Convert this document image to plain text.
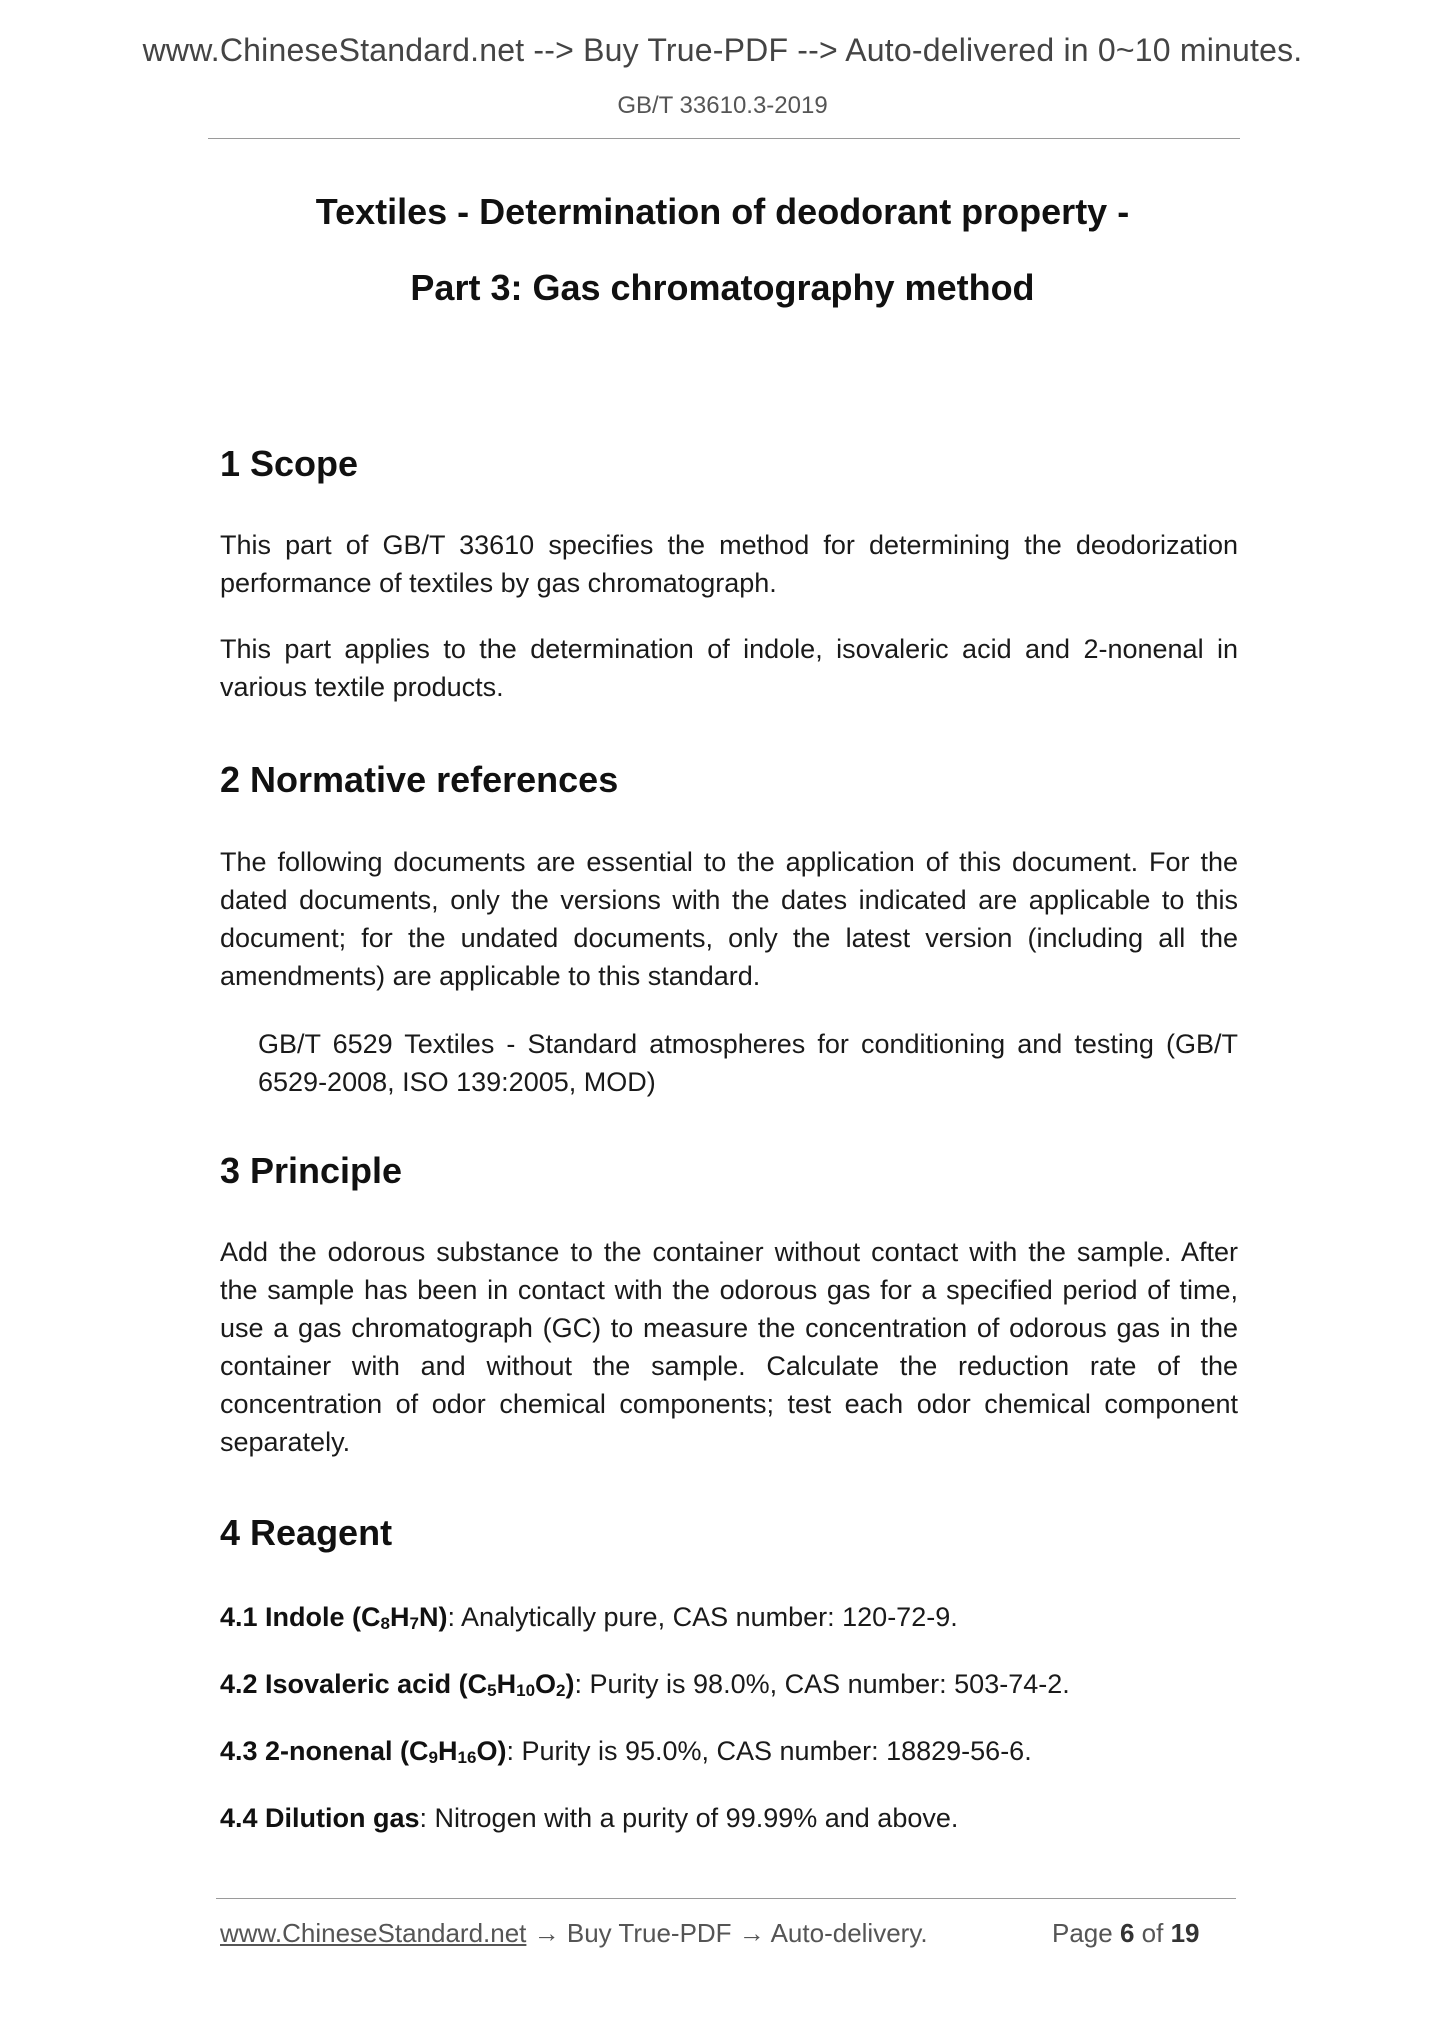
www.ChineseStandard.net --> Buy True-PDF --> Auto-delivered in 0~10 minutes.
GB/T 33610.3-2019
Textiles - Determination of deodorant property -
Part 3: Gas chromatography method
1 Scope

This part of GB/T 33610 specifies the method for determining the deodorization performance of textiles by gas chromatograph.

This part applies to the determination of indole, isovaleric acid and 2-nonenal in various textile products.

2 Normative references

The following documents are essential to the application of this document. For the dated documents, only the versions with the dates indicated are applicable to this document; for the undated documents, only the latest version (including all the amendments) are applicable to this standard.

GB/T 6529 Textiles - Standard atmospheres for conditioning and testing (GB/T 6529-2008, ISO 139:2005, MOD)

3 Principle

Add the odorous substance to the container without contact with the sample. After the sample has been in contact with the odorous gas for a specified period of time, use a gas chromatograph (GC) to measure the concentration of odorous gas in the container with and without the sample. Calculate the reduction rate of the concentration of odor chemical components; test each odor chemical component separately.

4 Reagent

4.1 Indole $(C_8H_7N)$: Analytically pure, CAS number: 120-72-9.

4.2 Isovaleric acid $(C_5H_{10}O_2)$: Purity is 98.0%, CAS number: 503-74-2.

4.3 2-nonenal $(C_9H_{16}O)$: Purity is 95.0%, CAS number: 18829-56-6.

4.4 Dilution gas: Nitrogen with a purity of 99.99% and above.

www.ChineseStandard.net → Buy True-PDF → Auto-delivery.	Page 6 of 19
